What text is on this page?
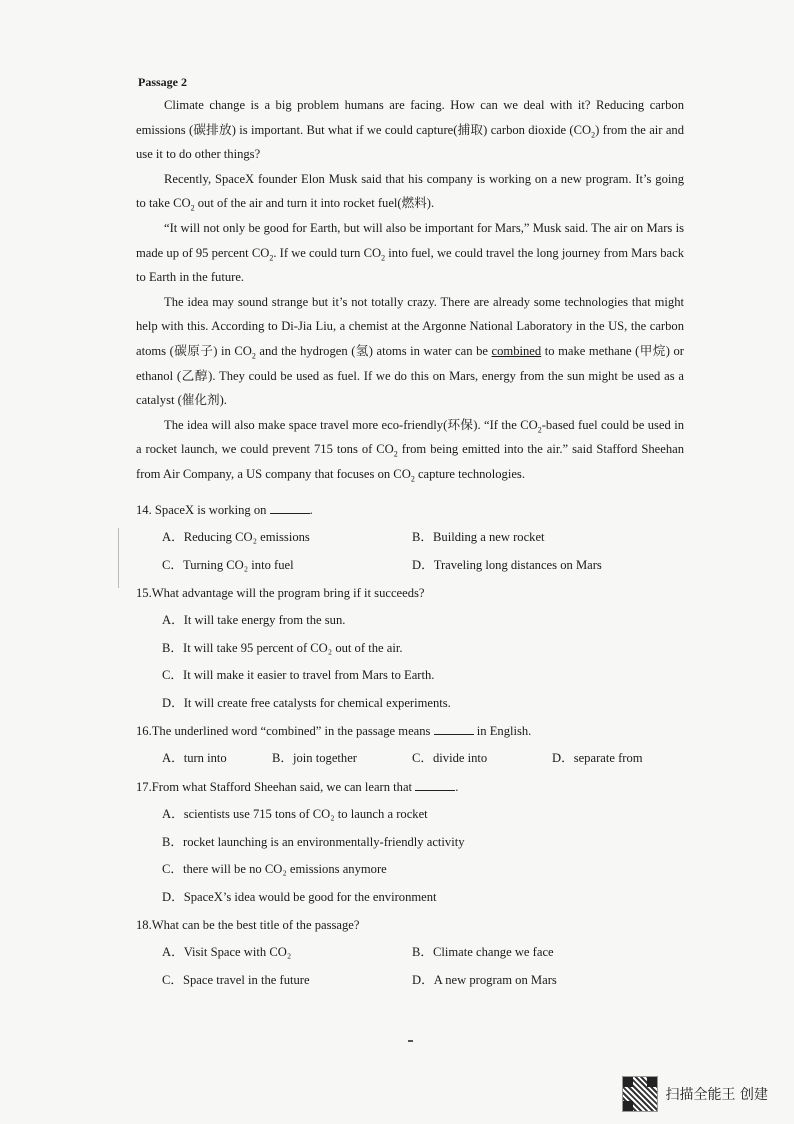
Passage 2

Climate change is a big problem humans are facing. How can we deal with it? Reducing carbon emissions (碳排放) is important. But what if we could capture(捕取) carbon dioxide $(CO_2)$ from the air and use it to do other things?

Recently, SpaceX founder Elon Musk said that his company is working on a new program. It’s going to take $CO_2$ out of the air and turn it into rocket fuel(燃料).

“It will not only be good for Earth, but will also be important for Mars,” Musk said. The air on Mars is made up of 95 percent $CO_2$. If we could turn $CO_2$ into fuel, we could travel the long journey from Mars back to Earth in the future.

The idea may sound strange but it’s not totally crazy. There are already some technologies that might help with this. According to Di-Jia Liu, a chemist at the Argonne National Laboratory in the US, the carbon atoms (碳原子) in $CO_2$ and the hydrogen (氢) atoms in water can be combined to make methane (甲烷) or ethanol (乙醇). They could be used as fuel. If we do this on Mars, energy from the sun might be used as a catalyst (催化剂).

The idea will also make space travel more eco-friendly(环保). “If the $CO_2$-based fuel could be used in a rocket launch, we could prevent 715 tons of $CO_2$ from being emitted into the air.” said Stafford Sheehan from Air Company, a US company that focuses on $CO_2$ capture technologies.

14. SpaceX is working on	.
A．Reducing CO₂ emissions	B．Building a new rocket
C．Turning CO₂ into fuel	D．Traveling long distances on Mars
15.What advantage will the program bring if it succeeds?
A．It will take energy from the sun.
B．It will take 95 percent of CO₂ out of the air.
C．It will make it easier to travel from Mars to Earth.
D．It will create free catalysts for chemical experiments.
16.The underlined word “combined” in the passage means	in English.
A．turn into	B．join together	C．divide into	D．separate from
17.From what Stafford Sheehan said, we can learn that	.
A．scientists use 715 tons of CO₂ to launch a rocket
B．rocket launching is an environmentally-friendly activity
C．there will be no CO₂ emissions anymore
D．SpaceX’s idea would be good for the environment
18.What can be the best title of the passage?
A．Visit Space with CO₂	B．Climate change we face
C．Space travel in the future	D．A new program on Mars
扫描全能王 创建
